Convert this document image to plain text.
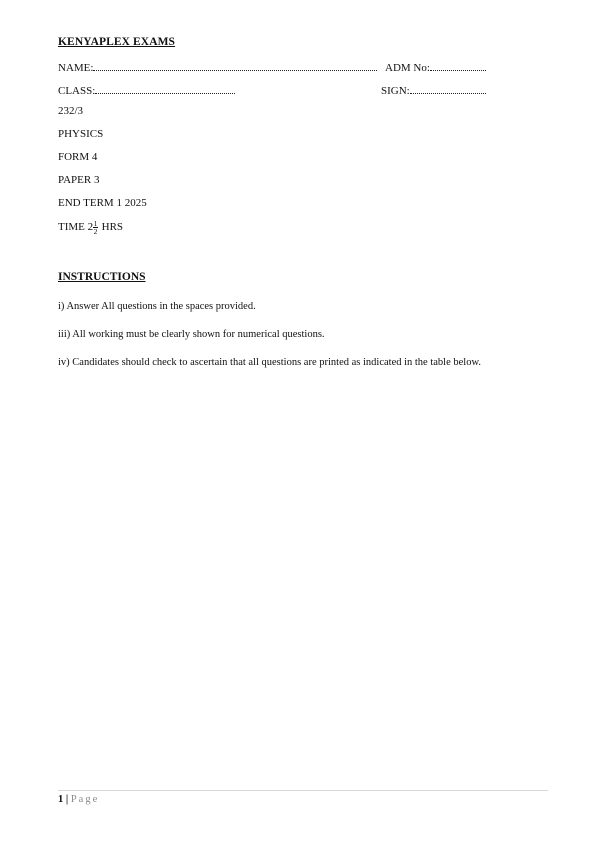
KENYAPLEX EXAMS
NAME:	ADM No:
CLASS:	SIGN:
232/3
PHYSICS
FORM 4
PAPER 3
END TERM 1 2025
TIME $2 \frac{1}{2}$ HRS
INSTRUCTIONS
i) Answer All questions in the spaces provided.
iii) All working must be clearly shown for numerical questions.
iv) Candidates should check to ascertain that all questions are printed as indicated in the table below.
1 | Page
